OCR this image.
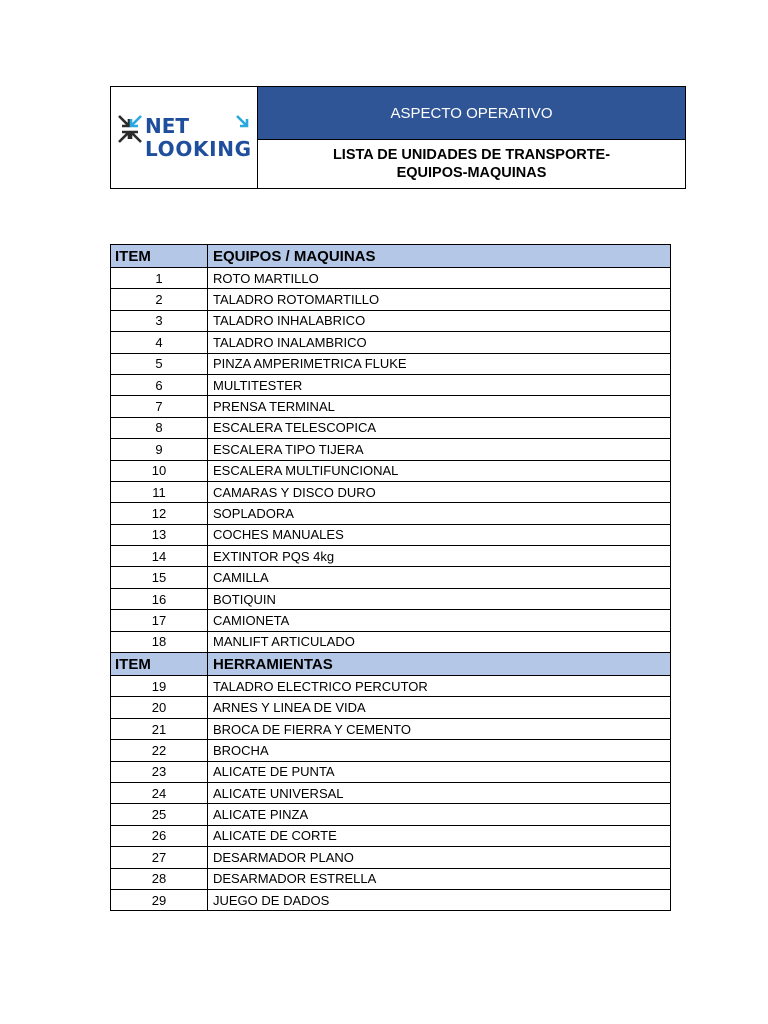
NET
LOOKING
ASPECTO OPERATIVO
LISTA DE UNIDADES DE TRANSPORTE-EQUIPOS-MAQUINAS
ITEM	EQUIPOS / MAQUINAS
1	ROTO MARTILLO
2	TALADRO ROTOMARTILLO
3	TALADRO INHALABRICO
4	TALADRO INALAMBRICO
5	PINZA AMPERIMETRICA FLUKE
6	MULTITESTER
7	PRENSA TERMINAL
8	ESCALERA TELESCOPICA
9	ESCALERA TIPO TIJERA
10	ESCALERA MULTIFUNCIONAL
11	CAMARAS Y DISCO DURO
12	SOPLADORA
13	COCHES MANUALES
14	EXTINTOR PQS 4kg
15	CAMILLA
16	BOTIQUIN
17	CAMIONETA
18	MANLIFT ARTICULADO
ITEM	HERRAMIENTAS
19	TALADRO ELECTRICO PERCUTOR
20	ARNES Y LINEA DE VIDA
21	BROCA DE FIERRA Y CEMENTO
22	BROCHA
23	ALICATE DE PUNTA
24	ALICATE UNIVERSAL
25	ALICATE PINZA
26	ALICATE DE CORTE
27	DESARMADOR PLANO
28	DESARMADOR ESTRELLA
29	JUEGO DE DADOS
